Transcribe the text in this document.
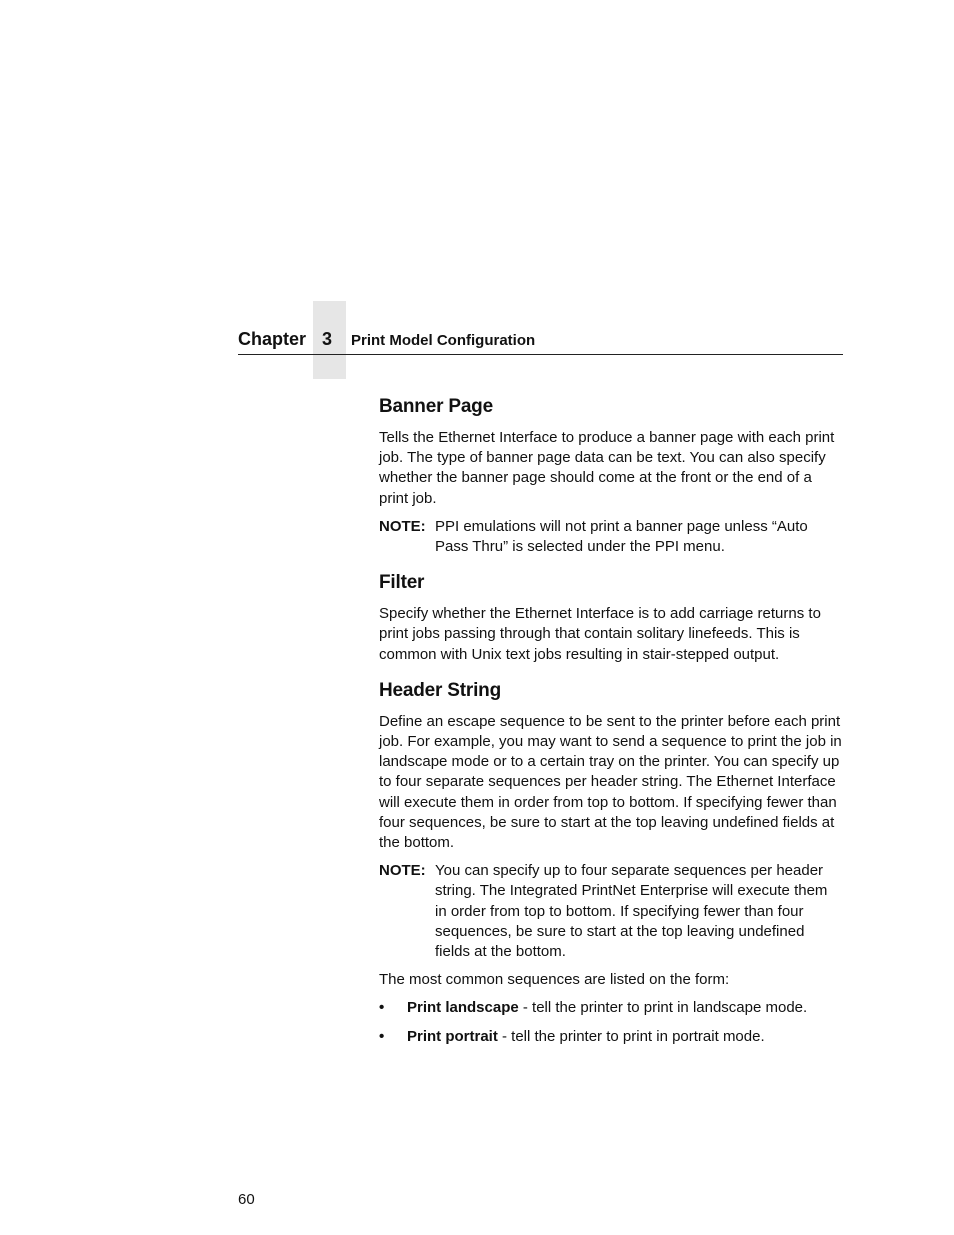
Chapter 3 Print Model Configuration
Banner Page

Tells the Ethernet Interface to produce a banner page with each print job. The type of banner page data can be text. You can also specify whether the banner page should come at the front or the end of a print job.

NOTE: PPI emulations will not print a banner page unless “Auto Pass Thru” is selected under the PPI menu.
Filter

Specify whether the Ethernet Interface is to add carriage returns to print jobs passing through that contain solitary linefeeds. This is common with Unix text jobs resulting in stair-stepped output.

Header String

Define an escape sequence to be sent to the printer before each print job. For example, you may want to send a sequence to print the job in landscape mode or to a certain tray on the printer. You can specify up to four separate sequences per header string. The Ethernet Interface will execute them in order from top to bottom. If specifying fewer than four sequences, be sure to start at the top leaving undefined fields at the bottom.

NOTE: You can specify up to four separate sequences per header string. The Integrated PrintNet Enterprise will execute them in order from top to bottom. If specifying fewer than four sequences, be sure to start at the top leaving undefined fields at the bottom.

The most common sequences are listed on the form:

•	Print landscape - tell the printer to print in landscape mode.
•	Print portrait - tell the printer to print in portrait mode.
60
